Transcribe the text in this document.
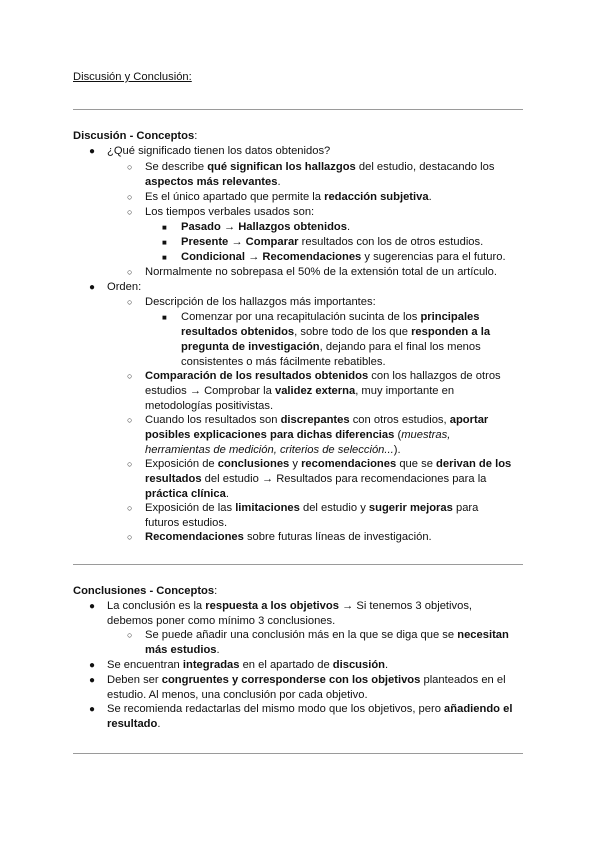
Discusión y Conclusión:
Discusión - Conceptos:
● ¿Qué significado tienen los datos obtenidos?
○ Se describe qué significan los hallazgos del estudio, destacando los aspectos más relevantes.
○ Es el único apartado que permite la redacción subjetiva.
○ Los tiempos verbales usados son:
■ Pasado → Hallazgos obtenidos.
■ Presente → Comparar resultados con los de otros estudios.
■ Condicional → Recomendaciones y sugerencias para el futuro.
○ Normalmente no sobrepasa el 50% de la extensión total de un artículo.
● Orden:
○ Descripción de los hallazgos más importantes:
■ Comenzar por una recapitulación sucinta de los principales resultados obtenidos, sobre todo de los que responden a la pregunta de investigación, dejando para el final los menos consistentes o más fácilmente rebatibles.
○ Comparación de los resultados obtenidos con los hallazgos de otros estudios → Comprobar la validez externa, muy importante en metodologías positivistas.
○ Cuando los resultados son discrepantes con otros estudios, aportar posibles explicaciones para dichas diferencias (muestras, herramientas de medición, criterios de selección...).
○ Exposición de conclusiones y recomendaciones que se derivan de los resultados del estudio → Resultados para recomendaciones para la práctica clínica.
○ Exposición de las limitaciones del estudio y sugerir mejoras para futuros estudios.
○ Recomendaciones sobre futuras líneas de investigación.
Conclusiones - Conceptos:
● La conclusión es la respuesta a los objetivos → Si tenemos 3 objetivos, debemos poner como mínimo 3 conclusiones.
○ Se puede añadir una conclusión más en la que se diga que se necesitan más estudios.
● Se encuentran integradas en el apartado de discusión.
● Deben ser congruentes y corresponderse con los objetivos planteados en el estudio. Al menos, una conclusión por cada objetivo.
● Se recomienda redactarlas del mismo modo que los objetivos, pero añadiendo el resultado.
